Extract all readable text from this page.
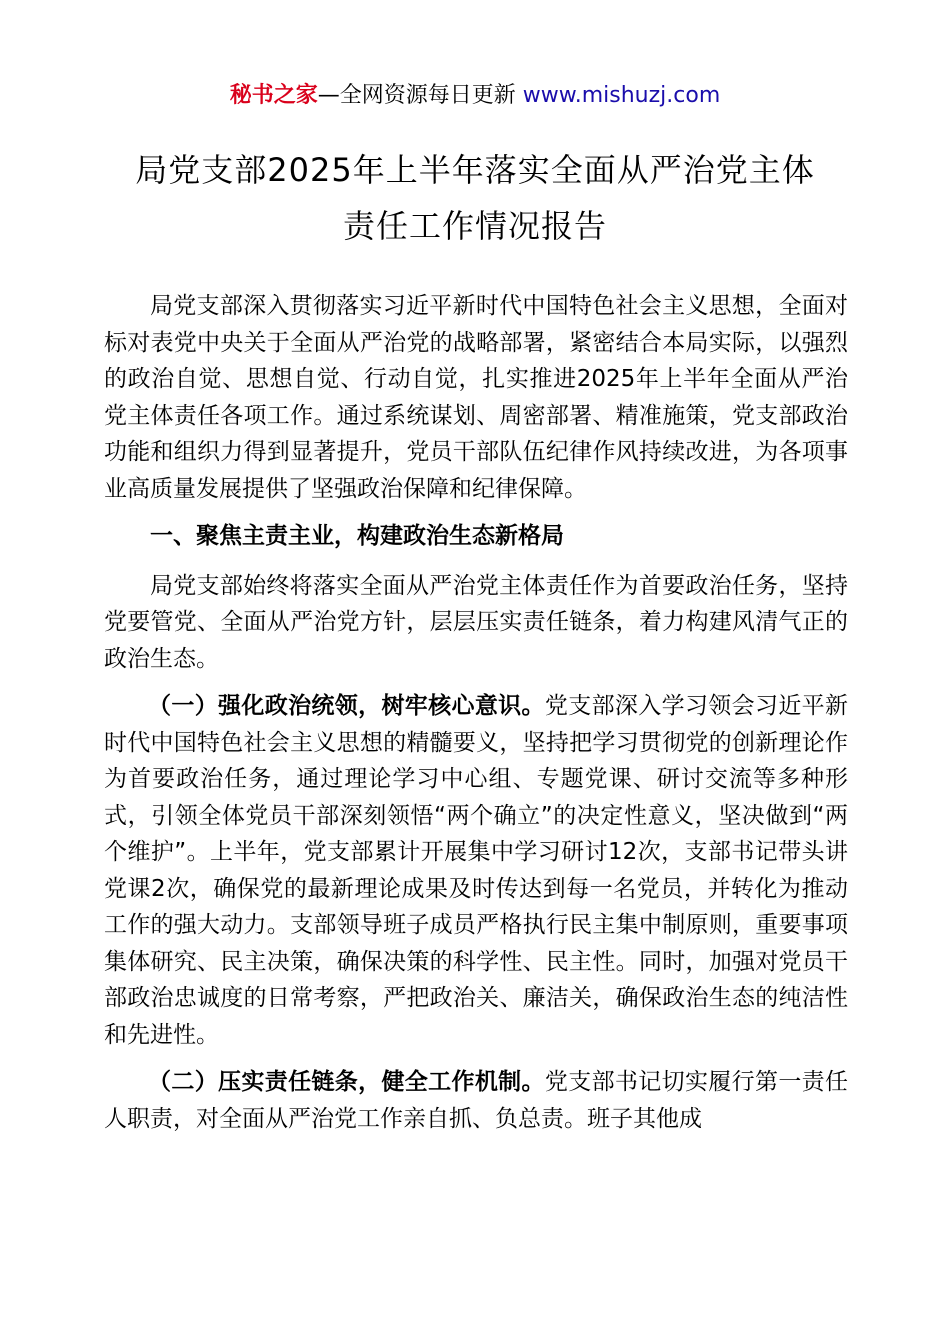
秘书之家—全网资源每日更新 www.mishuzj.com
局党支部2025年上半年落实全面从严治党主体
责任工作情况报告

局党支部深入贯彻落实习近平新时代中国特色社会主义思想，全面对标对表党中央关于全面从严治党的战略部署，紧密结合本局实际，以强烈的政治自觉、思想自觉、行动自觉，扎实推进2025年上半年全面从严治党主体责任各项工作。通过系统谋划、周密部署、精准施策，党支部政治功能和组织力得到显著提升，党员干部队伍纪律作风持续改进，为各项事业高质量发展提供了坚强政治保障和纪律保障。

一、聚焦主责主业，构建政治生态新格局

局党支部始终将落实全面从严治党主体责任作为首要政治任务，坚持党要管党、全面从严治党方针，层层压实责任链条，着力构建风清气正的政治生态。

（一）强化政治统领，树牢核心意识。党支部深入学习领会习近平新时代中国特色社会主义思想的精髓要义，坚持把学习贯彻党的创新理论作为首要政治任务，通过理论学习中心组、专题党课、研讨交流等多种形式，引领全体党员干部深刻领悟“两个确立”的决定性意义，坚决做到“两个维护”。上半年，党支部累计开展集中学习研讨12次，支部书记带头讲党课2次，确保党的最新理论成果及时传达到每一名党员，并转化为推动工作的强大动力。支部领导班子成员严格执行民主集中制原则，重要事项集体研究、民主决策，确保决策的科学性、民主性。同时，加强对党员干部政治忠诚度的日常考察，严把政治关、廉洁关，确保政治生态的纯洁性和先进性。

（二）压实责任链条，健全工作机制。党支部书记切实履行第一责任人职责，对全面从严治党工作亲自抓、负总责。班子其他成
